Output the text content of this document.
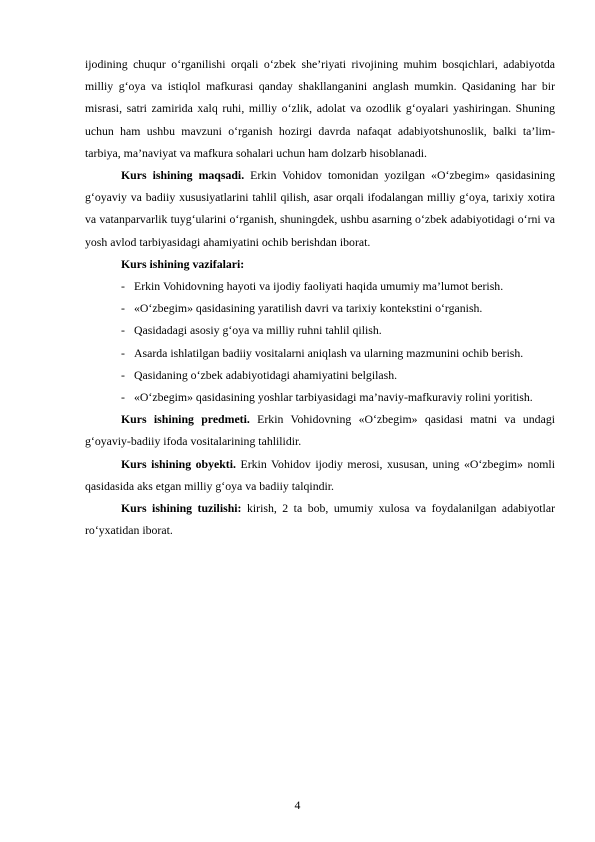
ijodining chuqur o‘rganilishi orqali o‘zbek she’riyati rivojining muhim bosqichlari, adabiyotda milliy g‘oya va istiqlol mafkurasi qanday shakllanganini anglash mumkin. Qasidaning har bir misrasi, satri zamirida xalq ruhi, milliy o‘zlik, adolat va ozodlik g‘oyalari yashiringan. Shuning uchun ham ushbu mavzuni o‘rganish hozirgi davrda nafaqat adabiyotshunoslik, balki ta’lim-tarbiya, ma’naviyat va mafkura sohalari uchun ham dolzarb hisoblanadi.

Kurs ishining maqsadi. Erkin Vohidov tomonidan yozilgan «O‘zbegim» qasidasining g‘oyaviy va badiiy xususiyatlarini tahlil qilish, asar orqali ifodalangan milliy g‘oya, tarixiy xotira va vatanparvarlik tuyg‘ularini o‘rganish, shuningdek, ushbu asarning o‘zbek adabiyotidagi o‘rni va yosh avlod tarbiyasidagi ahamiyatini ochib berishdan iborat.

Kurs ishining vazifalari:

- Erkin Vohidovning hayoti va ijodiy faoliyati haqida umumiy ma’lumot berish.

- «O‘zbegim» qasidasining yaratilish davri va tarixiy kontekstini o‘rganish.

- Qasidadagi asosiy g‘oya va milliy ruhni tahlil qilish.

- Asarda ishlatilgan badiiy vositalarni aniqlash va ularning mazmunini ochib berish.

- Qasidaning o‘zbek adabiyotidagi ahamiyatini belgilash.

- «O‘zbegim» qasidasining yoshlar tarbiyasidagi ma’naviy-mafkuraviy rolini yoritish.

Kurs ishining predmeti. Erkin Vohidovning «O‘zbegim» qasidasi matni va undagi g‘oyaviy-badiiy ifoda vositalarining tahlilidir.

Kurs ishining obyekti. Erkin Vohidov ijodiy merosi, xususan, uning «O‘zbegim» nomli qasidasida aks etgan milliy g‘oya va badiiy talqindir.

Kurs ishining tuzilishi: kirish, 2 ta bob, umumiy xulosa va foydalanilgan adabiyotlar ro‘yxatidan iborat.

4
